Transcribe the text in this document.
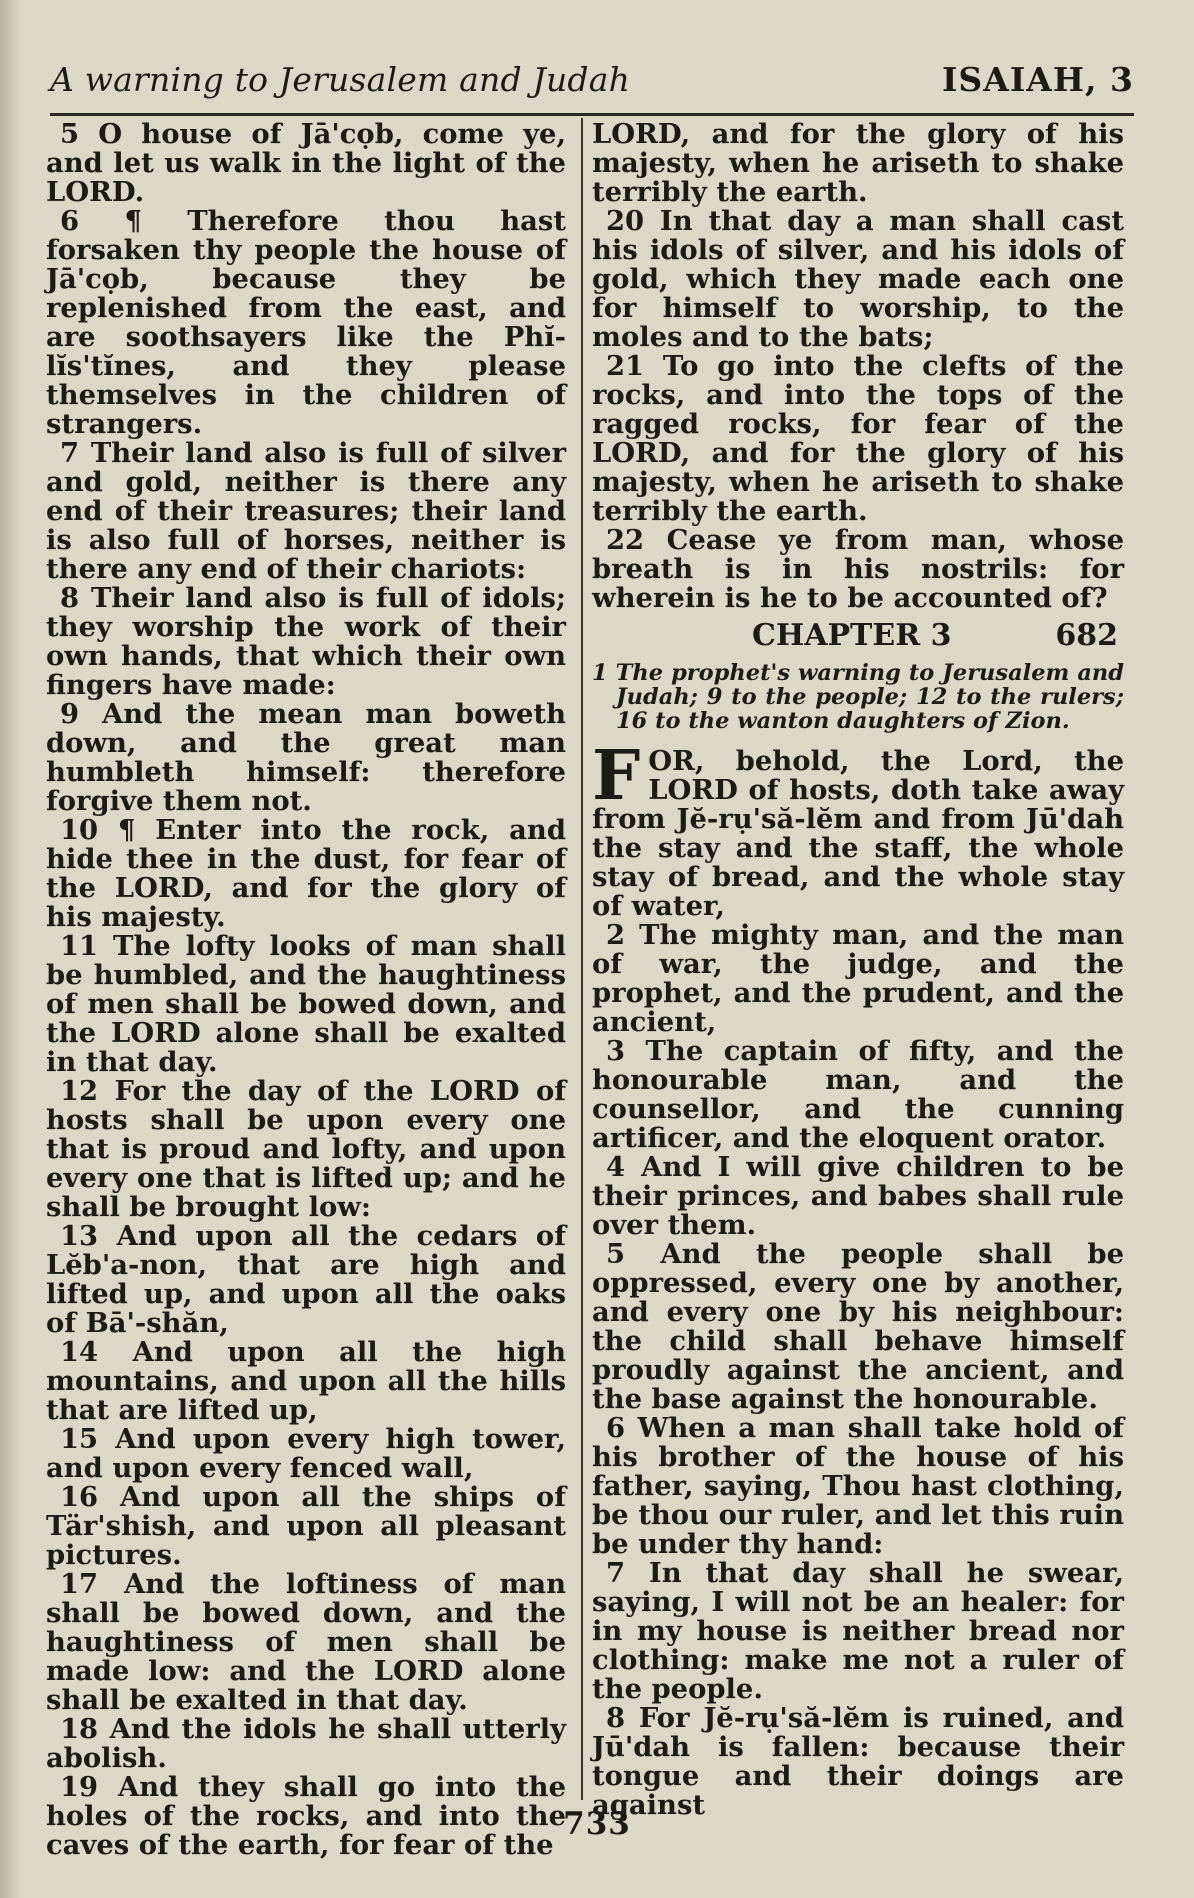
A warning to Jerusalem and Judah	ISAIAH, 3

5 O house of Jā'cọb, come ye, and let us walk in the light of the LORD.

6 ¶ Therefore thou hast forsaken thy people the house of Jā'cọb, because they be replenished from the east, and are soothsayers like the Phĭ-lĭs'tĭnes, and they please themselves in the children of strangers.

7 Their land also is full of silver and gold, neither is there any end of their treasures; their land is also full of horses, neither is there any end of their chariots:

8 Their land also is full of idols; they worship the work of their own hands, that which their own fingers have made:

9 And the mean man boweth down, and the great man humbleth himself: therefore forgive them not.

10 ¶ Enter into the rock, and hide thee in the dust, for fear of the LORD, and for the glory of his majesty.

11 The lofty looks of man shall be humbled, and the haughtiness of men shall be bowed down, and the LORD alone shall be exalted in that day.

12 For the day of the LORD of hosts shall be upon every one that is proud and lofty, and upon every one that is lifted up; and he shall be brought low:

13 And upon all the cedars of Lĕb'a-non, that are high and lifted up, and upon all the oaks of Bā'-shăn,

14 And upon all the high mountains, and upon all the hills that are lifted up,

15 And upon every high tower, and upon every fenced wall,

16 And upon all the ships of Tär'shish, and upon all pleasant pictures.

17 And the loftiness of man shall be bowed down, and the haughtiness of men shall be made low: and the LORD alone shall be exalted in that day.

18 And the idols he shall utterly abolish.

19 And they shall go into the holes of the rocks, and into the caves of the earth, for fear of the

LORD, and for the glory of his majesty, when he ariseth to shake terribly the earth.

20 In that day a man shall cast his idols of silver, and his idols of gold, which they made each one for himself to worship, to the moles and to the bats;

21 To go into the clefts of the rocks, and into the tops of the ragged rocks, for fear of the LORD, and for the glory of his majesty, when he ariseth to shake terribly the earth.

22 Cease ye from man, whose breath is in his nostrils: for wherein is he to be accounted of?

CHAPTER 3	682
1 The prophet's warning to Jerusalem and Judah; 9 to the people; 12 to the rulers; 16 to the wanton daughters of Zion.
F OR, behold, the Lord, the LORD of hosts, doth take away from Jĕ-rụ'să-lĕm and from Jū'dah the stay and the staff, the whole stay of bread, and the whole stay of water,

2 The mighty man, and the man of war, the judge, and the prophet, and the prudent, and the ancient,

3 The captain of fifty, and the honourable man, and the counsellor, and the cunning artificer, and the eloquent orator.

4 And I will give children to be their princes, and babes shall rule over them.

5 And the people shall be oppressed, every one by another, and every one by his neighbour: the child shall behave himself proudly against the ancient, and the base against the honourable.

6 When a man shall take hold of his brother of the house of his father, saying, Thou hast clothing, be thou our ruler, and let this ruin be under thy hand:

7 In that day shall he swear, saying, I will not be an healer: for in my house is neither bread nor clothing: make me not a ruler of the people.

8 For Jĕ-rụ'să-lĕm is ruined, and Jū'dah is fallen: because their tongue and their doings are against

733
